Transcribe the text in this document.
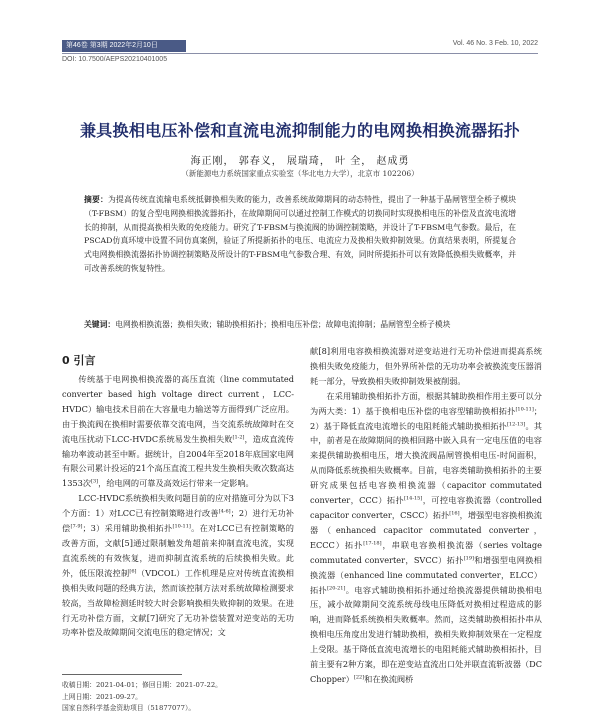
第46卷 第3期 2022年2月10日	Vol. 46 No. 3 Feb. 10, 2022
DOI: 10.7500/AEPS20210401005
兼具换相电压补偿和直流电流抑制能力的电网换相换流器拓扑
海正刚， 郭春义， 展瑞琦， 叶 全， 赵成勇
（新能源电力系统国家重点实验室（华北电力大学），北京市 102206）
摘要：为提高传统直流输电系统抵御换相失败的能力，改善系统故障期间的动态特性，提出了一种基于晶闸管型全桥子模块（T-FBSM）的复合型电网换相换流器拓扑，在故障期间可以通过控制工作模式的切换同时实现换相电压的补偿及直流电流增长的抑制，从而提高换相失败的免疫能力。研究了T-FBSM与换流阀的协调控制策略，并设计了T-FBSM电气参数。最后，在PSCAD仿真环境中设置不同仿真案例，验证了所提新拓扑的电压、电流应力及换相失败抑制效果。仿真结果表明，所提复合式电网换相换流器拓扑协调控制策略及所设计的T-FBSM电气参数合理、有效，同时所提拓扑可以有效降低换相失败概率，并可改善系统的恢复特性。
关键词：电网换相换流器；换相失败；辅助换相拓扑；换相电压补偿；故障电流抑制；晶闸管型全桥子模块
0 引言

传统基于电网换相换流器的高压直流（line commutated converter based high voltage direct current，LCC-HVDC）输电技术目前在大容量电力输送等方面得到广泛应用。由于换流阀在换相时需要依靠交流电网，当交流系统故障时在交流电压扰动下LCC-HVDC系统易发生换相失败[1-2]，造成直流传输功率波动甚至中断。据统计，自2004年至2018年底国家电网有限公司累计投运的21个高压直流工程共发生换相失败次数高达1353次[3]，给电网的可靠及高效运行带来一定影响。

LCC-HVDC系统换相失败问题目前的应对措施可分为以下3个方面：1）对LCC已有控制策略进行改善[4-6]；2）进行无功补偿[7-9]；3）采用辅助换相拓扑[10-11]。在对LCC已有控制策略的改善方面，文献[5]通过限制触发角超前来抑制直流电流，实现直流系统的有效恢复，进而抑制直流系统的后续换相失败。此外，低压限流控制[6]（VDCOL）工作机理是应对传统直流换相换相失败问题的经典方法，然而该控制方法对系统故障检测要求较高，当故障检测延时较大时会影响换相失败抑制的效果。在进行无功补偿方面，文献[7]研究了无功补偿装置对逆变站的无功功率补偿及故障期间交流电压的稳定情况；文

献[8]利用电容换相换流器对逆变站进行无功补偿进而提高系统换相失败免疫能力，但外界所补偿的无功功率会被换流变压器消耗一部分，导致换相失败抑制效果被削弱。

在采用辅助换相拓扑方面，根据其辅助换相作用主要可以分为两大类：1）基于换相电压补偿的电容型辅助换相拓扑[10-11]；2）基于降低直流电流增长的电阻耗能式辅助换相拓扑[12-13]。其中，前者是在故障期间的换相回路中嵌入具有一定电压值的电容来提供辅助换相电压，增大换流阀晶闸管换相电压-时间面积，从而降低系统换相失败概率。目前，电容类辅助换相拓扑的主要研究成果包括电容换相换流器（capacitor commutated converter，CCC）拓扑[14-15]，可控电容换流器（controlled capacitor converter，CSCC）拓扑[16]，增强型电容换相换流器（enhanced capacitor commutated converter，ECCC）拓扑[17-18]，串联电容换相换流器（series voltage commutated converter，SVCC）拓扑[19]和增强型电网换相换流器（enhanced line commutated converter，ELCC）拓扑[20-21]。电容式辅助换相拓扑通过给换流器提供辅助换相电压，减小故障期间交流系统母线电压降低对换相过程造成的影响，进而降低系统换相失败概率。然而，这类辅助换相拓扑串从换相电压角度出发进行辅助换相，换相失败抑制效果在一定程度上受限。基于降低直流电流增长的电阻耗能式辅助换相拓扑，目前主要有2种方案，即在逆变站直流出口处并联直流斩波器（DC Chopper）[22]和在换流阀桥

收稿日期：2021-04-01；修回日期：2021-07-22。
上网日期：2021-09-27。
国家自然科学基金资助项目（51877077）。
